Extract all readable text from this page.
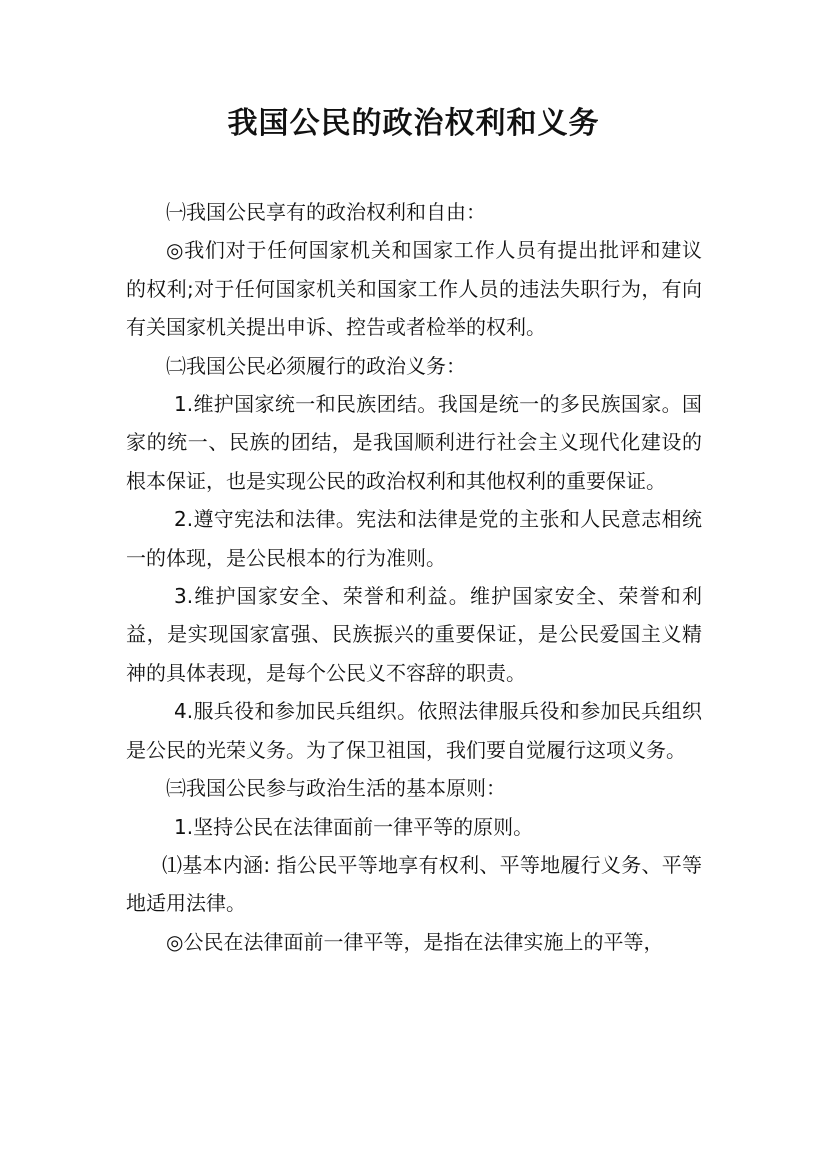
我国公民的政治权利和义务

㈠我国公民享有的政治权利和自由：

◎我们对于任何国家机关和国家工作人员有提出批评和建议的权利;对于任何国家机关和国家工作人员的违法失职行为，有向有关国家机关提出申诉、控告或者检举的权利。

㈡我国公民必须履行的政治义务：

1.维护国家统一和民族团结。我国是统一的多民族国家。国家的统一、民族的团结，是我国顺利进行社会主义现代化建设的根本保证，也是实现公民的政治权利和其他权利的重要保证。

2.遵守宪法和法律。宪法和法律是党的主张和人民意志相统一的体现，是公民根本的行为准则。

3.维护国家安全、荣誉和利益。维护国家安全、荣誉和利益，是实现国家富强、民族振兴的重要保证，是公民爱国主义精神的具体表现，是每个公民义不容辞的职责。

4.服兵役和参加民兵组织。依照法律服兵役和参加民兵组织是公民的光荣义务。为了保卫祖国，我们要自觉履行这项义务。

㈢我国公民参与政治生活的基本原则：

1.坚持公民在法律面前一律平等的原则。

⑴基本内涵: 指公民平等地享有权利、平等地履行义务、平等地适用法律。

◎公民在法律面前一律平等，是指在法律实施上的平等，
